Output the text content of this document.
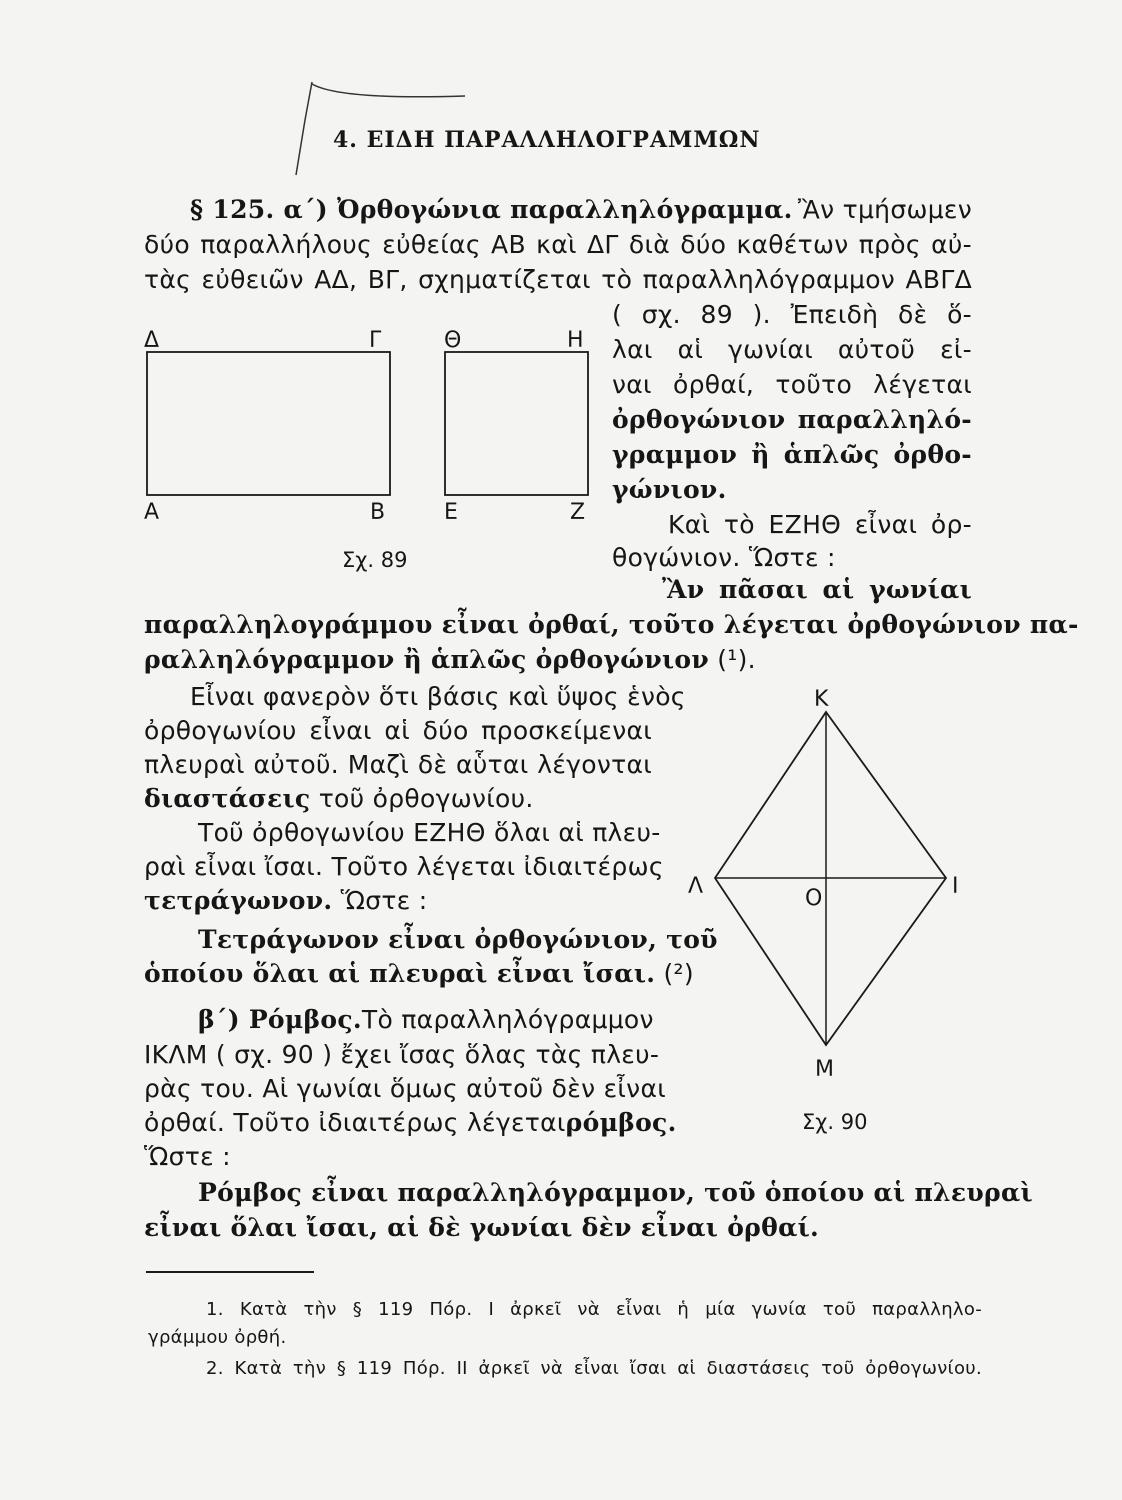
4. ΕΙΔΗ ΠΑΡΑΛΛΗΛΟΓΡΑΜΜΩΝ
§ 125. α΄) Ὀρθογώνια παραλληλόγραμμα. Ἂν τμήσωμεν
δύο παραλλήλους εὐθείας ΑΒ καὶ ΔΓ διὰ δύο καθέτων πρὸς αὐ-
τὰς εὐθειῶν ΑΔ, ΒΓ, σχηματίζεται τὸ παραλληλόγραμμον ΑΒΓΔ
( σχ. 89 ). Ἐπειδὴ δὲ ὅ-
λαι αἱ γωνίαι αὐτοῦ εἰ-
ναι ὀρθαί, τοῦτο λέγεται
ὀρθογώνιον παραλληλό-
γραμμον ἢ ἁπλῶς ὀρθο-
γώνιον.
Καὶ τὸ ΕΖΗΘ εἶναι ὀρ-
θογώνιον. Ὥστε :
Δ	Γ
Α	Β
Θ	Η
Ε	Ζ
Σχ. 89
Ἂν πᾶσαι αἱ γωνίαι
παραλληλογράμμου εἶναι ὀρθαί, τοῦτο λέγεται ὀρθογώνιον πα-
ραλληλόγραμμον ἢ ἁπλῶς ὀρθογώνιον (¹).
Εἶναι φανερὸν ὅτι βάσις καὶ ὕψος ἑνὸς
ὀρθογωνίου εἶναι αἱ δύο προσκείμεναι
πλευραὶ αὐτοῦ. Μαζὶ δὲ αὗται λέγονται
διαστάσεις τοῦ ὀρθογωνίου.
Τοῦ ὀρθογωνίου ΕΖΗΘ ὅλαι αἱ πλευ-
ραὶ εἶναι ἴσαι. Τοῦτο λέγεται ἰδιαιτέρως
τετράγωνον. Ὥστε :
Τετράγωνον εἶναι ὀρθογώνιον, τοῦ
ὁποίου ὅλαι αἱ πλευραὶ εἶναι ἴσαι. (²)
β΄) Ρόμβος. Τὸ παραλληλόγραμμον
ΙΚΛΜ ( σχ. 90 ) ἔχει ἴσας ὅλας τὰς πλευ-
ρὰς του. Αἱ γωνίαι ὅμως αὐτοῦ δὲν εἶναι
ὀρθαί. Τοῦτο ἰδιαιτέρως λέγεται ρόμβος.
Ὥστε :
Ρόμβος εἶναι παραλληλόγραμμον, τοῦ ὁποίου αἱ πλευραὶ
εἶναι ὅλαι ἴσαι, αἱ δὲ γωνίαι δὲν εἶναι ὀρθαί.
Κ
Λ	Ι
Ο
Μ
Σχ. 90
1. Κατὰ τὴν § 119 Πόρ. Ι ἀρκεῖ νὰ εἶναι ἡ μία γωνία τοῦ παραλληλο-
γράμμου ὀρθή.
2. Κατὰ τὴν § 119 Πόρ. ΙΙ ἀρκεῖ νὰ εἶναι ἴσαι αἱ διαστάσεις τοῦ ὀρθογωνίου.
